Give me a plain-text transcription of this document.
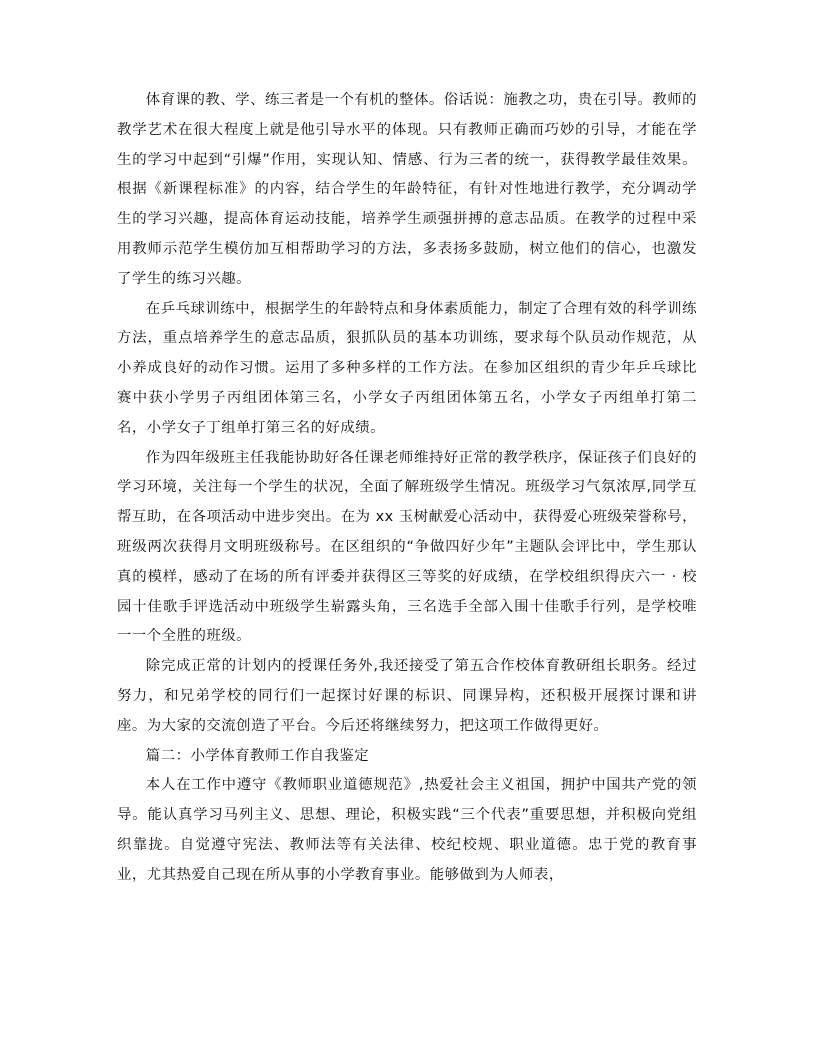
体育课的教、学、练三者是一个有机的整体。俗话说：施教之功，贵在引导。教师的教学艺术在很大程度上就是他引导水平的体现。只有教师正确而巧妙的引导，才能在学生的学习中起到“引爆”作用，实现认知、情感、行为三者的统一，获得教学最佳效果。根据《新课程标准》的内容，结合学生的年龄特征，有针对性地进行教学，充分调动学生的学习兴趣，提高体育运动技能，培养学生顽强拼搏的意志品质。在教学的过程中采用教师示范学生模仿加互相帮助学习的方法，多表扬多鼓励，树立他们的信心，也激发了学生的练习兴趣。

在乒乓球训练中，根据学生的年龄特点和身体素质能力，制定了合理有效的科学训练方法，重点培养学生的意志品质，狠抓队员的基本功训练，要求每个队员动作规范，从小养成良好的动作习惯。运用了多种多样的工作方法。在参加区组织的青少年乒乓球比赛中获小学男子丙组团体第三名，小学女子丙组团体第五名，小学女子丙组单打第二名，小学女子丁组单打第三名的好成绩。

作为四年级班主任我能协助好各任课老师维持好正常的教学秩序，保证孩子们良好的学习环境，关注每一个学生的状况，全面了解班级学生情况。班级学习气氛浓厚,同学互帮互助，在各项活动中进步突出。在为 xx 玉树献爱心活动中，获得爱心班级荣誉称号，班级两次获得月文明班级称号。在区组织的“争做四好少年”主题队会评比中，学生那认真的模样，感动了在场的所有评委并获得区三等奖的好成绩，在学校组织得庆六一 · 校园十佳歌手评选活动中班级学生崭露头角，三名选手全部入围十佳歌手行列，是学校唯一一个全胜的班级。

除完成正常的计划内的授课任务外,我还接受了第五合作校体育教研组长职务。经过努力，和兄弟学校的同行们一起探讨好课的标识、同课异构，还积极开展探讨课和讲座。为大家的交流创造了平台。今后还将继续努力，把这项工作做得更好。

篇二：小学体育教师工作自我鉴定

本人在工作中遵守《教师职业道德规范》,热爱社会主义祖国，拥护中国共产党的领导。能认真学习马列主义、思想、理论，积极实践“三个代表”重要思想，并积极向党组织靠拢。自觉遵守宪法、教师法等有关法律、校纪校规、职业道德。忠于党的教育事业，尤其热爱自己现在所从事的小学教育事业。能够做到为人师表，
